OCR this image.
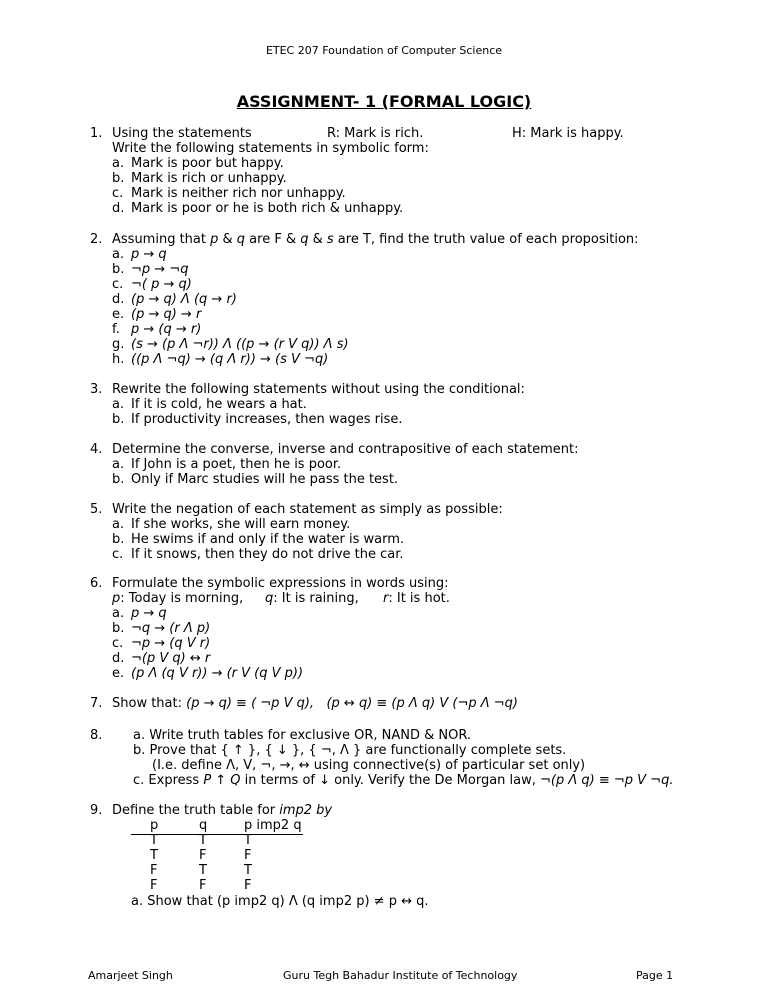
ETEC 207 Foundation of Computer Science
ASSIGNMENT- 1 (FORMAL LOGIC)
1. Using the statements	R: Mark is rich.	H: Mark is happy.
Write the following statements in symbolic form:
a. Mark is poor but happy.
b. Mark is rich or unhappy.
c. Mark is neither rich nor unhappy.
d. Mark is poor or he is both rich & unhappy.
2. Assuming that p & q are F & q & s are T, find the truth value of each proposition:
a. p → q
b. ¬p → ¬q
c. ¬( p → q)
d. (p → q) Λ (q → r)
e. (p → q) → r
f. p → (q → r)
g. (s → (p Λ ¬r)) Λ ((p → (r V q)) Λ s)
h. ((p Λ ¬q) → (q Λ r)) → (s V ¬q)
3. Rewrite the following statements without using the conditional:
a. If it is cold, he wears a hat.
b. If productivity increases, then wages rise.
4. Determine the converse, inverse and contrapositive of each statement:
a. If John is a poet, then he is poor.
b. Only if Marc studies will he pass the test.
5. Write the negation of each statement as simply as possible:
a. If she works, she will earn money.
b. He swims if and only if the water is warm.
c. If it snows, then they do not drive the car.
6. Formulate the symbolic expressions in words using:
p: Today is morning, q: It is raining, r: It is hot.
a. p → q
b. ¬q → (r Λ p)
c. ¬p → (q V r)
d. ¬(p V q) ↔ r
e. (p Λ (q V r)) → (r V (q V p))
7. Show that: (p → q) ≡ ( ¬p V q), (p ↔ q) ≡ (p Λ q) V (¬p Λ ¬q)
8. a. Write truth tables for exclusive OR, NAND & NOR.
b. Prove that { ↑ }, { ↓ }, { ¬, Λ } are functionally complete sets.
(I.e. define Λ, V, ¬, →, ↔ using connective(s) of particular set only)
c. Express P ↑ Q in terms of ↓ only. Verify the De Morgan law, ¬(p Λ q) ≡ ¬p V ¬q.
9. Define the truth table for imp2 by
p	q	p imp2 q
T	T	T
T	F	F
F	T	T
F	F	F
a. Show that (p imp2 q) Λ (q imp2 p) ≠ p ↔ q.
Amarjeet Singh	Guru Tegh Bahadur Institute of Technology	Page 1
